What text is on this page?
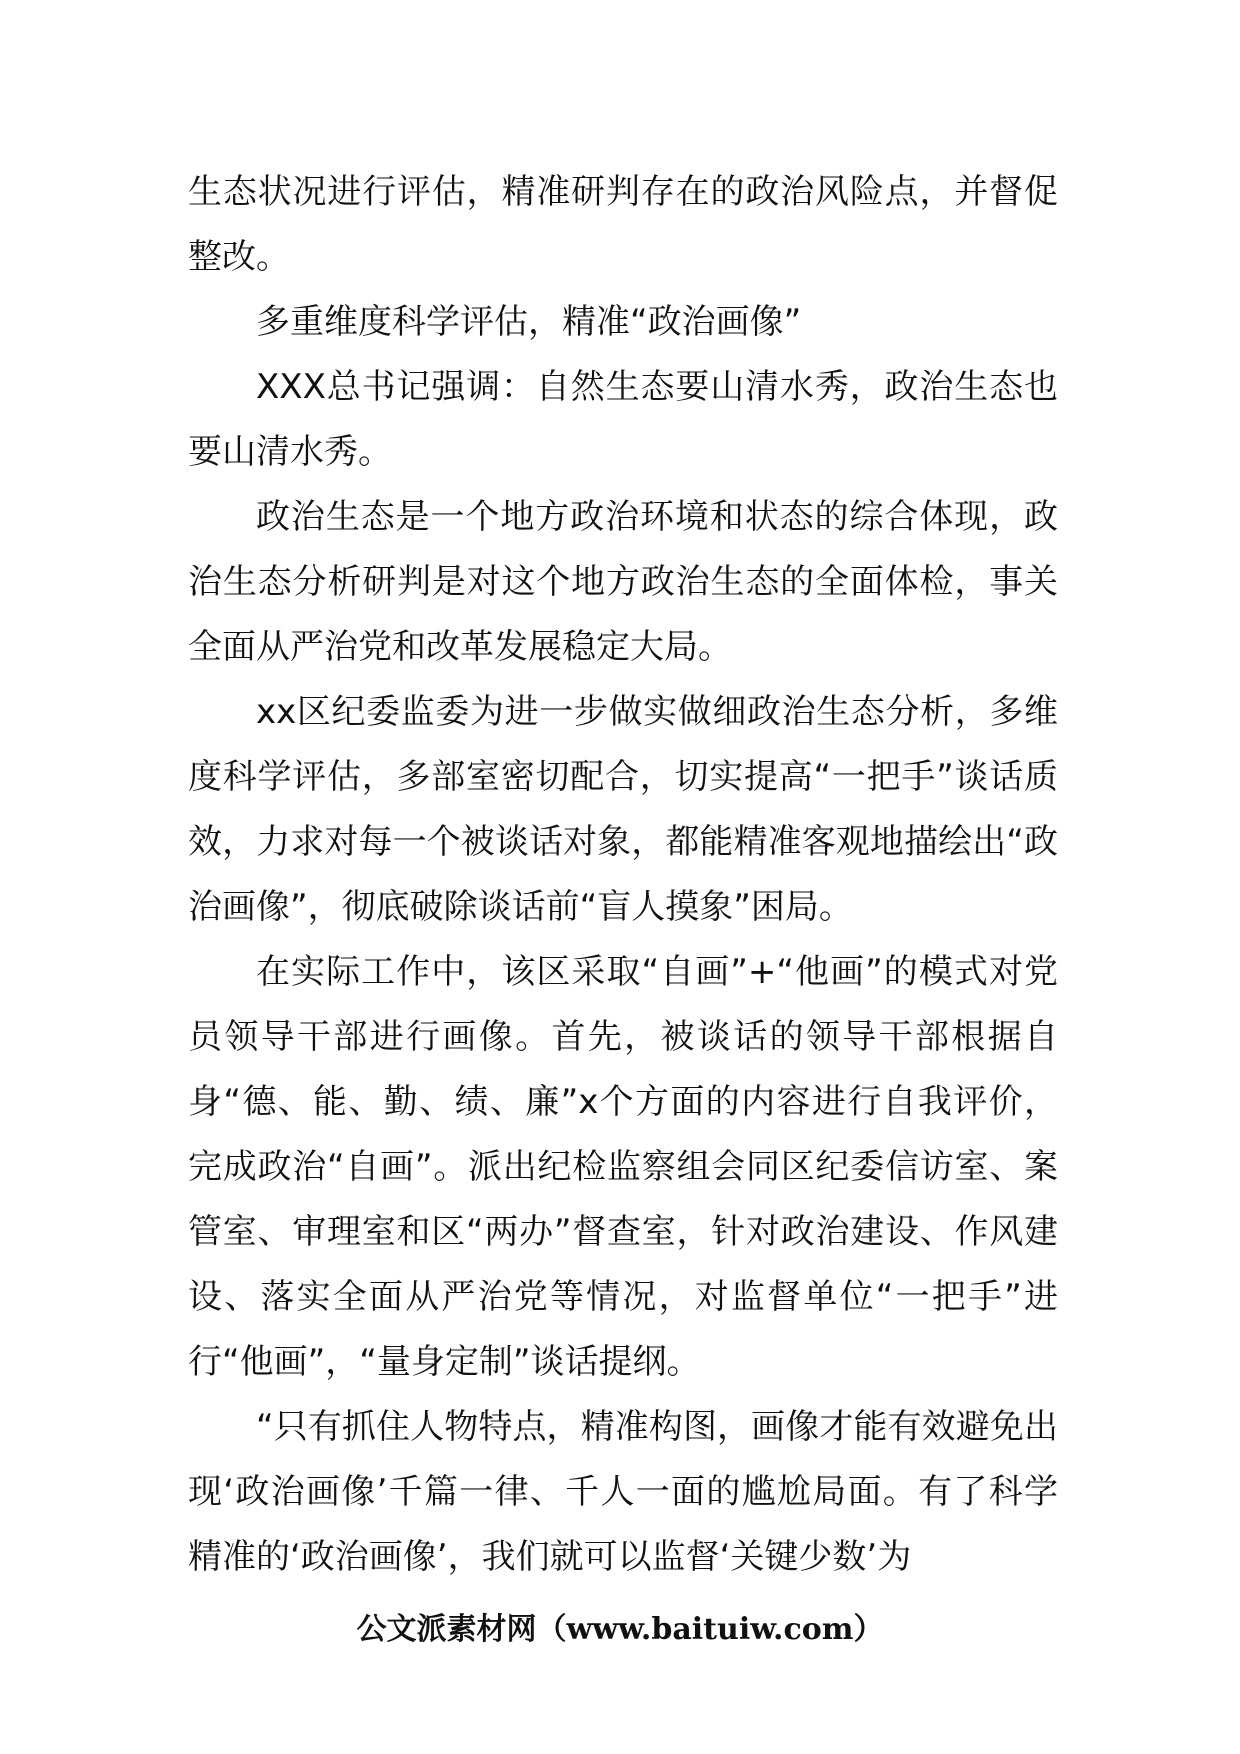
生态状况进行评估，精准研判存在的政治风险点，并督促整改。

多重维度科学评估，精准“政治画像”

XXX总书记强调：自然生态要山清水秀，政治生态也要山清水秀。

政治生态是一个地方政治环境和状态的综合体现，政治生态分析研判是对这个地方政治生态的全面体检，事关全面从严治党和改革发展稳定大局。

xx区纪委监委为进一步做实做细政治生态分析，多维度科学评估，多部室密切配合，切实提高“一把手”谈话质效，力求对每一个被谈话对象，都能精准客观地描绘出“政治画像”，彻底破除谈话前“盲人摸象”困局。

在实际工作中，该区采取“自画”+“他画”的模式对党员领导干部进行画像。首先，被谈话的领导干部根据自身“德、能、勤、绩、廉”x个方面的内容进行自我评价，完成政治“自画”。派出纪检监察组会同区纪委信访室、案管室、审理室和区“两办”督查室，针对政治建设、作风建设、落实全面从严治党等情况，对监督单位“一把手”进行“他画”，“量身定制”谈话提纲。

“只有抓住人物特点，精准构图，画像才能有效避免出现‘政治画像’千篇一律、千人一面的尴尬局面。有了科学精准的‘政治画像’，我们就可以监督‘关键少数’为

公文派素材网（www.baituiw.com）
